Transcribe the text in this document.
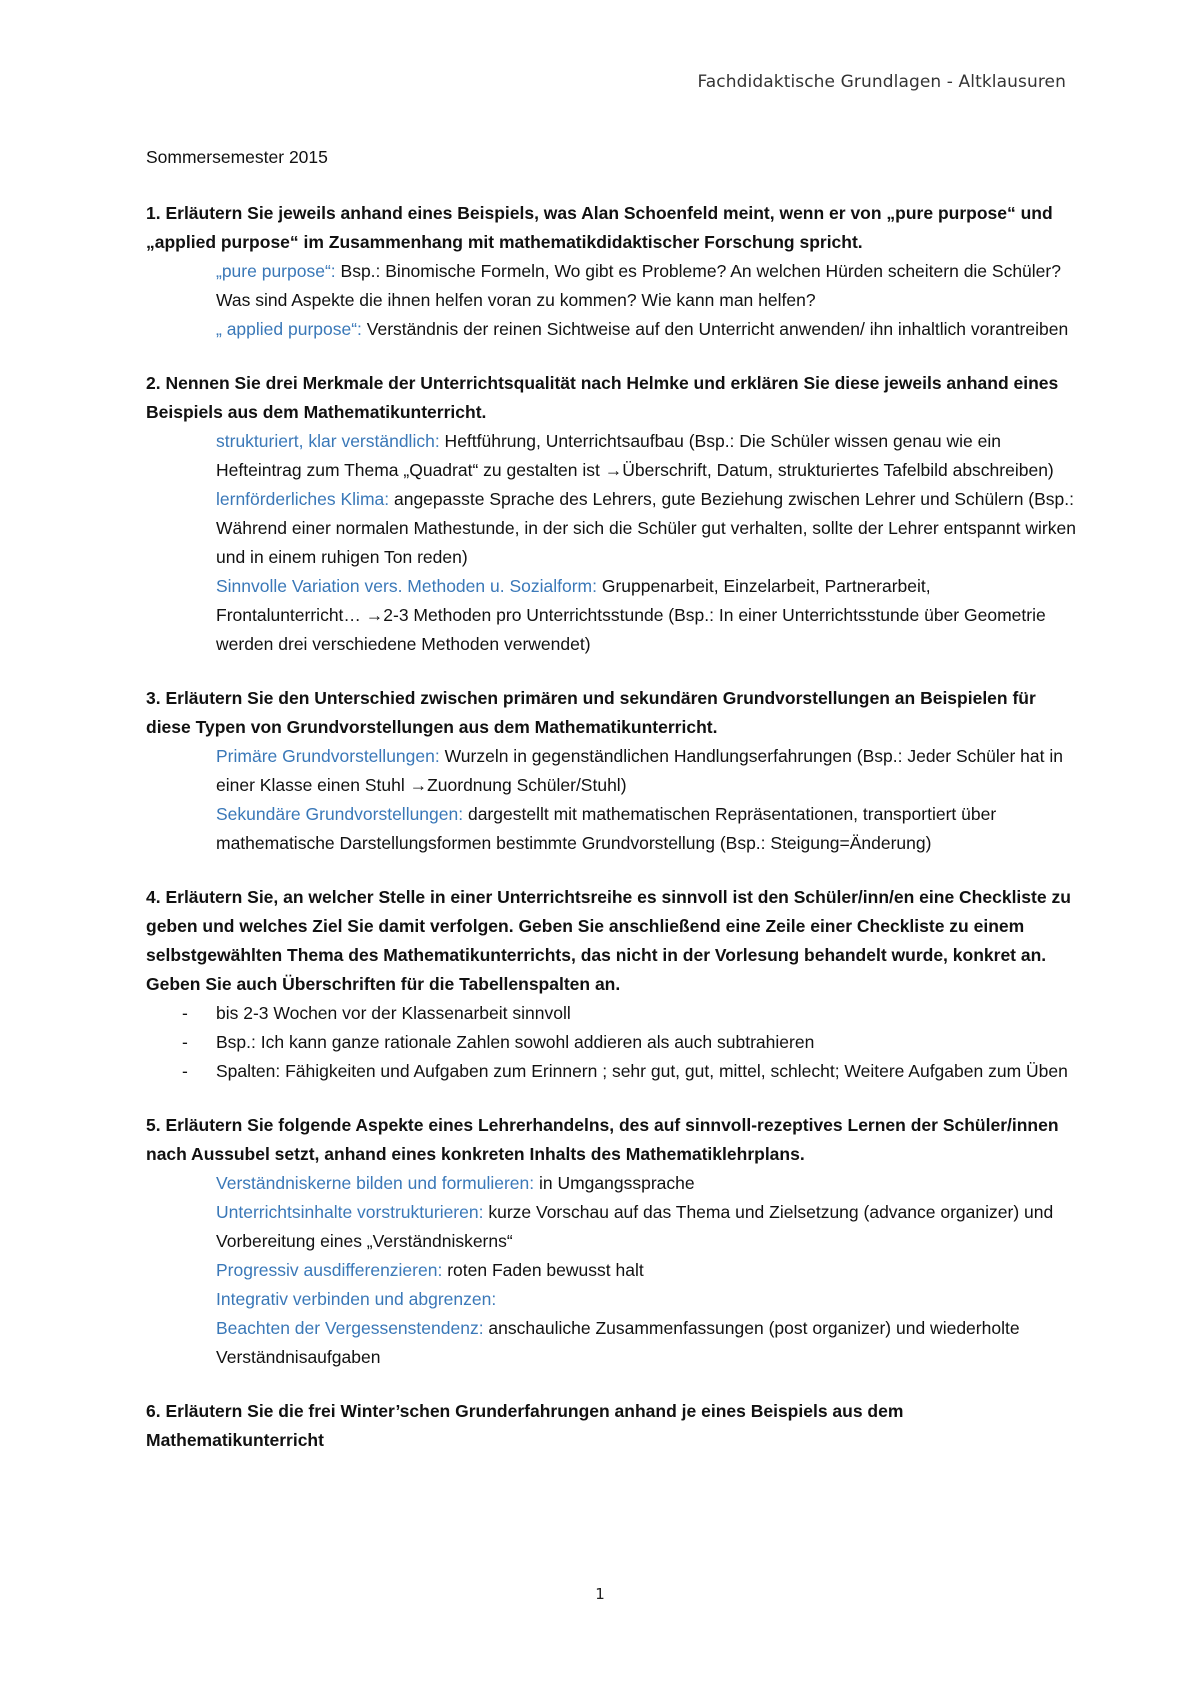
Fachdidaktische Grundlagen - Altklausuren

Sommersemester 2015

1. Erläutern Sie jeweils anhand eines Beispiels, was Alan Schoenfeld meint, wenn er von „pure purpose“ und „applied purpose“ im Zusammenhang mit mathematikdidaktischer Forschung spricht.

„pure purpose“: Bsp.: Binomische Formeln, Wo gibt es Probleme? An welchen Hürden scheitern die Schüler? Was sind Aspekte die ihnen helfen voran zu kommen? Wie kann man helfen?

„ applied purpose“: Verständnis der reinen Sichtweise auf den Unterricht anwenden/ ihn inhaltlich vorantreiben

2. Nennen Sie drei Merkmale der Unterrichtsqualität nach Helmke und erklären Sie diese jeweils anhand eines Beispiels aus dem Mathematikunterricht.

strukturiert, klar verständlich: Heftführung, Unterrichtsaufbau (Bsp.: Die Schüler wissen genau wie ein Hefteintrag zum Thema „Quadrat“ zu gestalten ist →Überschrift, Datum, strukturiertes Tafelbild abschreiben)

lernförderliches Klima: angepasste Sprache des Lehrers, gute Beziehung zwischen Lehrer und Schülern (Bsp.: Während einer normalen Mathestunde, in der sich die Schüler gut verhalten, sollte der Lehrer entspannt wirken und in einem ruhigen Ton reden)

Sinnvolle Variation vers. Methoden u. Sozialform: Gruppenarbeit, Einzelarbeit, Partnerarbeit, Frontalunterricht… →2-3 Methoden pro Unterrichtsstunde (Bsp.: In einer Unterrichtsstunde über Geometrie werden drei verschiedene Methoden verwendet)

3. Erläutern Sie den Unterschied zwischen primären und sekundären Grundvorstellungen an Beispielen für diese Typen von Grundvorstellungen aus dem Mathematikunterricht.

Primäre Grundvorstellungen: Wurzeln in gegenständlichen Handlungserfahrungen (Bsp.: Jeder Schüler hat in einer Klasse einen Stuhl →Zuordnung Schüler/Stuhl)

Sekundäre Grundvorstellungen: dargestellt mit mathematischen Repräsentationen, transportiert über mathematische Darstellungsformen bestimmte Grundvorstellung (Bsp.: Steigung=Änderung)

4. Erläutern Sie, an welcher Stelle in einer Unterrichtsreihe es sinnvoll ist den Schüler/inn/en eine Checkliste zu geben und welches Ziel Sie damit verfolgen. Geben Sie anschließend eine Zeile einer Checkliste zu einem selbstgewählten Thema des Mathematikunterrichts, das nicht in der Vorlesung behandelt wurde, konkret an. Geben Sie auch Überschriften für die Tabellenspalten an.

- bis 2-3 Wochen vor der Klassenarbeit sinnvoll
- Bsp.: Ich kann ganze rationale Zahlen sowohl addieren als auch subtrahieren
- Spalten: Fähigkeiten und Aufgaben zum Erinnern ; sehr gut, gut, mittel, schlecht; Weitere Aufgaben zum Üben

5. Erläutern Sie folgende Aspekte eines Lehrerhandelns, des auf sinnvoll-rezeptives Lernen der Schüler/innen nach Aussubel setzt, anhand eines konkreten Inhalts des Mathematiklehrplans.

Verständniskerne bilden und formulieren: in Umgangssprache

Unterrichtsinhalte vorstrukturieren: kurze Vorschau auf das Thema und Zielsetzung (advance organizer) und Vorbereitung eines „Verständniskerns“

Progressiv ausdifferenzieren: roten Faden bewusst halt

Integrativ verbinden und abgrenzen:

Beachten der Vergessenstendenz: anschauliche Zusammenfassungen (post organizer) und wiederholte Verständnisaufgaben

6. Erläutern Sie die frei Winter’schen Grunderfahrungen anhand je eines Beispiels aus dem Mathematikunterricht

1
